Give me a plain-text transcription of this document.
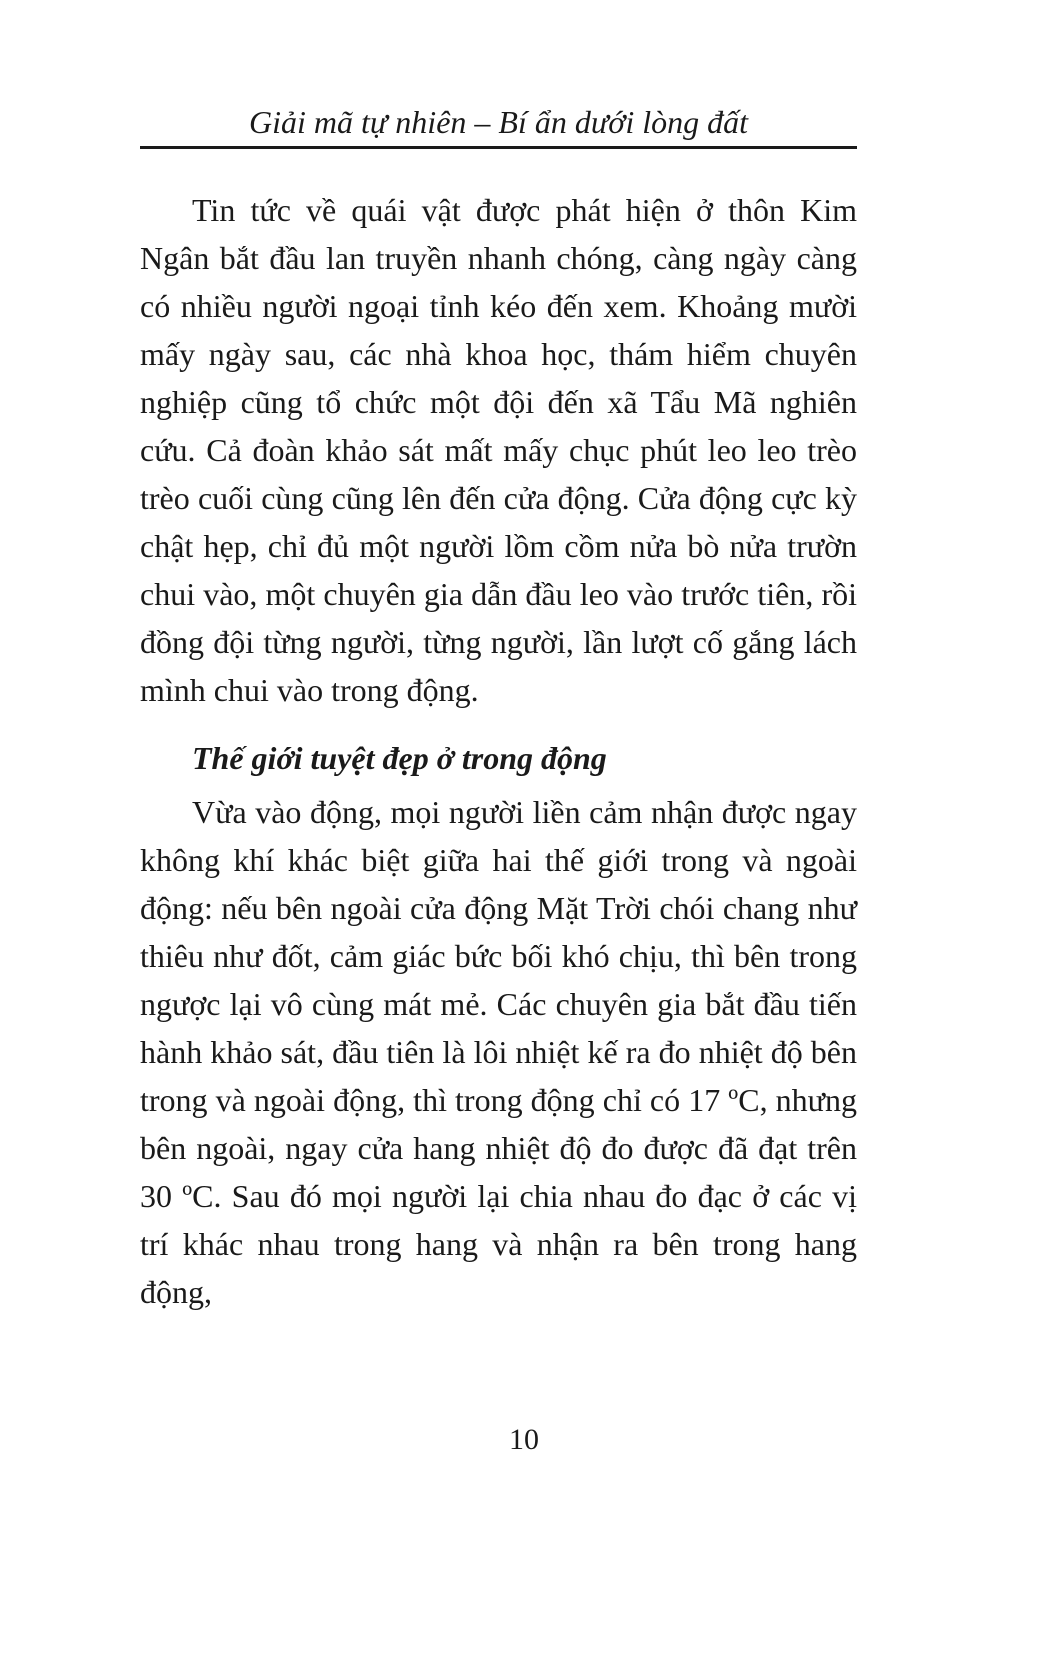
Giải mã tự nhiên – Bí ẩn dưới lòng đất

Tin tức về quái vật được phát hiện ở thôn Kim Ngân bắt đầu lan truyền nhanh chóng, càng ngày càng có nhiều người ngoại tỉnh kéo đến xem. Khoảng mười mấy ngày sau, các nhà khoa học, thám hiểm chuyên nghiệp cũng tổ chức một đội đến xã Tẩu Mã nghiên cứu. Cả đoàn khảo sát mất mấy chục phút leo leo trèo trèo cuối cùng cũng lên đến cửa động. Cửa động cực kỳ chật hẹp, chỉ đủ một người lồm cồm nửa bò nửa trườn chui vào, một chuyên gia dẫn đầu leo vào trước tiên, rồi đồng đội từng người, từng người, lần lượt cố gắng lách mình chui vào trong động.

Thế giới tuyệt đẹp ở trong động

Vừa vào động, mọi người liền cảm nhận được ngay không khí khác biệt giữa hai thế giới trong và ngoài động: nếu bên ngoài cửa động Mặt Trời chói chang như thiêu như đốt, cảm giác bức bối khó chịu, thì bên trong ngược lại vô cùng mát mẻ. Các chuyên gia bắt đầu tiến hành khảo sát, đầu tiên là lôi nhiệt kế ra đo nhiệt độ bên trong và ngoài động, thì trong động chỉ có 17 ºC, nhưng bên ngoài, ngay cửa hang nhiệt độ đo được đã đạt trên 30 ºC. Sau đó mọi người lại chia nhau đo đạc ở các vị trí khác nhau trong hang và nhận ra bên trong hang động,

10
